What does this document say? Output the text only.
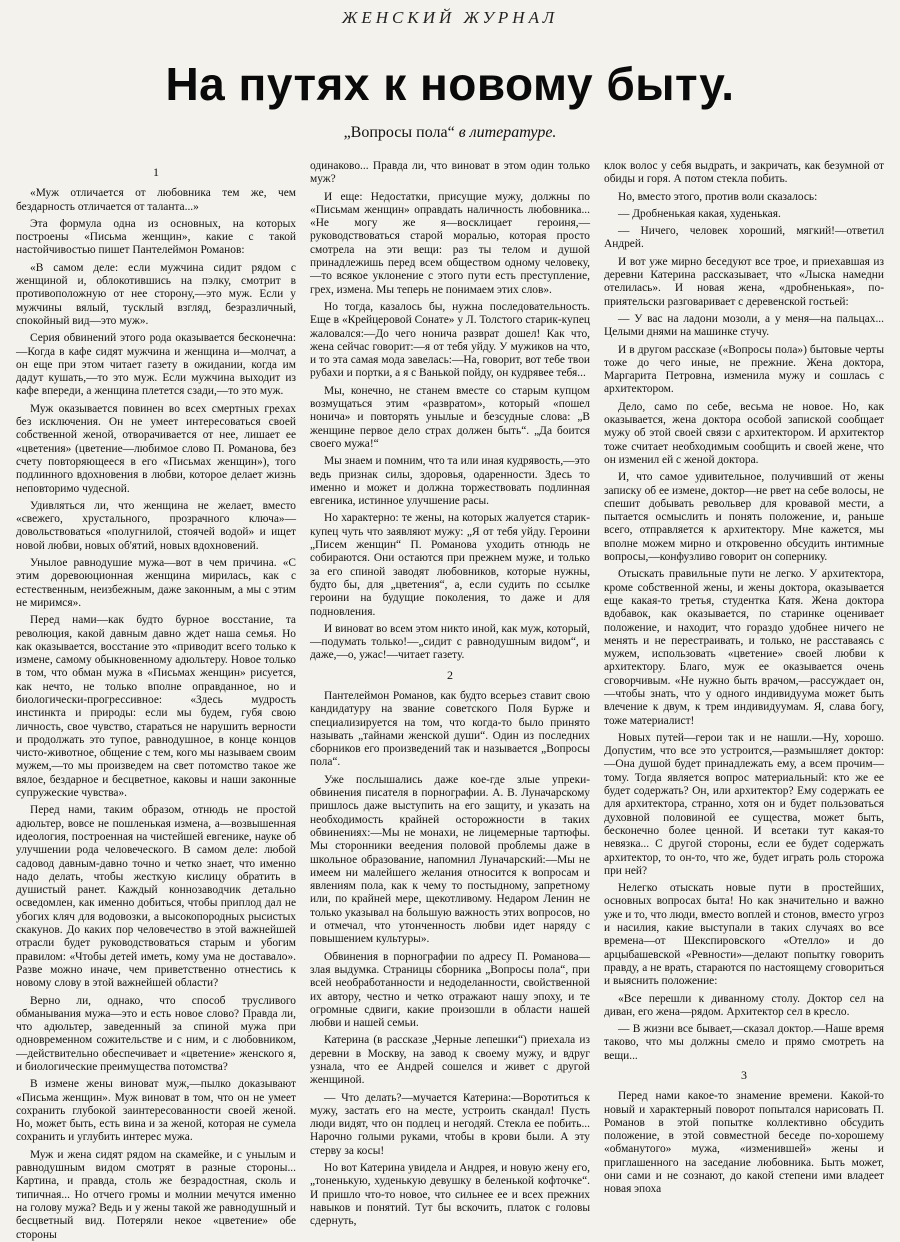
ЖЕНСКИЙ ЖУРНАЛ
На путях к новому быту.
„Вопросы пола“ в литературе.

1

«Муж отличается от любовника тем же, чем бездарность отличается от таланта...»

Эта формула одна из основных, на которых построены «Письма женщин», какие с такой настойчивостью пишет Пантелеймон Романов:

«В самом деле: если мужчина сидит рядом с женщиной и, облокотившись на пэлку, смотрит в противоположную от нее сторону,—это муж. Если у мужчины вялый, тусклый взгляд, безразличный, спокойный вид—это муж».

Серия обвинений этого рода оказывается бесконечна:—Когда в кафе сидят мужчина и женщина и—молчат, а он еще при этом читает газету в ожидании, когда им дадут кушать,—то это муж. Если мужчина выходит из кафе впереди, а женщина плетется сзади,—то это муж.

Муж оказывается повинен во всех смертных грехах без исключения. Он не умеет интересоваться своей собственной женой, отворачивается от нее, лишает ее «цветения» (цветение—любимое слово П. Романова, без счету повторяющееся в его «Письмах женщин»), того подлинного вдохновения в любви, которое делает жизнь неповторимо чудесной.

Удивляться ли, что женщина не желает, вместо «свежего, хрустального, прозрачного ключа»—довольствоваться «полугнилой, стоячей водой» и ищет новой любви, новых об'ятий, новых вдохновений.

Унылое равнодушие мужа—вот в чем причина. «С этим доревоюционная женщина мирилась, как с естественным, неизбежным, даже законным, а мы с этим не миримся».

Перед нами—как будто бурное восстание, та революция, какой давным давно ждет наша семья. Но как оказывается, восстание это «приводит всего только к измене, самому обыкновенному адюльтеру. Новое только в том, что обман мужа в «Письмах женщин» рисуется, как нечто, не только вполне оправданное, но и биологически-прогрессивное: «Здесь мудрость инстинкта и природы: если мы будем, губя свою личность, свое чувство, стараться не нарушить верности и продолжать это тупое, равнодушное, в конце концов чисто-животное, общение с тем, кого мы называем своим мужем,—то мы произведем на свет потомство такое же вялое, бездарное и бесцветное, каковы и наши законные супружеские чувства».

Перед нами, таким образом, отнюдь не простой адюльтер, вовсе не пошленькая измена, а—возвышенная идеология, построенная на чистейшей евгенике, науке об улучшении рода человеческого. В самом деле: любой садовод давным-давно точно и четко знает, что именно надо делать, чтобы жесткую кислицу обратить в душистый ранет. Каждый коннозаводчик детально осведомлен, как именно добиться, чтобы приплод дал не убогих кляч для водовозки, а высокопородных рысистых скакунов. До каких пор человечество в этой важнейшей отрасли будет руководствоваться старым и убогим правилом: «Чтобы детей иметь, кому ума не доставало». Разве можно иначе, чем приветственно отнестись к новому слову в этой важнейшей области?

Верно ли, однако, что способ трусливого обманывания мужа—это и есть новое слово? Правда ли, что адюльтер, заведенный за спиной мужа при одновременном сожительстве и с ним, и с любовником,—действительно обеспечивает и «цветение» женского я, и биологические преимущества потомства?

В измене жены виноват муж,—пылко доказывают «Письма женщин». Муж виноват в том, что он не умеет сохранить глубокой заинтересованности своей женой. Но, может быть, есть вина и за женой, которая не сумела сохранить и углубить интерес мужа.

Муж и жена сидят рядом на скамейке, и с унылым и равнодушным видом смотрят в разные стороны... Картина, и правда, столь же безрадостная, сколь и типичная... Но отчего громы и молнии мечутся именно на голову мужа? Ведь и у жены такой же равнодушный и бесцветный вид. Потеряли некое «цветение» обе стороны

одинаково... Правда ли, что виноват в этом один только муж?

И еще: Недостатки, присущие мужу, должны по «Письмам женщин» оправдать наличность любовника... «Не могу же я—восклицает героиня,—руководствоваться старой моралью, которая просто смотрела на эти вещи: раз ты телом и душой принадлежишь перед всем обществом одному человеку,—то всякое уклонение с этого пути есть преступление, грех, измена. Мы теперь не понимаем этих слов».

Но тогда, казалось бы, нужна последовательность. Еще в «Крейцеровой Сонате» у Л. Толстого старик-купец жаловался:—До чего нонича разврат дошел! Как что, жена сейчас говорит:—я от тебя уйду. У мужиков на что, и то эта самая мода завелась:—На, говорит, вот тебе твои рубахи и портки, а я с Ванькой пойду, он кудрявее тебя...

Мы, конечно, не станем вместе со старым купцом возмущаться этим «развратом», который «пошел нонича» и повторять унылые и безсудные слова: „В женщине первое дело страх должен быть“. „Да боится своего мужа!“

Мы знаем и помним, что та или иная кудрявость,—это ведь признак силы, здоровья, одаренности. Здесь то именно и может и должна торжествовать подлинная евгеника, истинное улучшение расы.

Но характерно: те жены, на которых жалуется старик-купец чуть что заявляют мужу: „Я от тебя уйду. Героини „Писем женщин“ П. Романова уходить отнюдь не собираются. Они остаются при прежнем муже, и только за его спиной заводят любовников, которые нужны, будто бы, для „цветения“, а, если судить по ссылке героини на будущие поколения, то даже и для подновления.

И виноват во всем этом никто иной, как муж, который,—подумать только!—„сидит с равнодушным видом“, и даже,—о, ужас!—читает газету.

2

Пантелеймон Романов, как будто всерьез ставит свою кандидатуру на звание советского Поля Бурже и специализируется на том, что когда-то было принято называть „тайнами женской души“. Один из последних сборников его произведений так и называется „Вопросы пола“.

Уже послышались даже кое-где злые упреки-обвинения писателя в порнографии. А. В. Луначарскому пришлось даже выступить на его защиту, и указать на необходимость крайней осторожности в таких обвинениях:—Мы не монахи, не лицемерные тартюфы. Мы сторонники веедения половой проблемы даже в школьное образование, напомнил Луначарский:—Мы не имеем ни малейшего желания относится к вопросам и явлениям пола, как к чему то постыдному, запретному или, по крайней мере, щекотливому. Недаром Ленин не только указывал на большую важность этих вопросов, но и отмечал, что утонченность любви идет наряду с повышением культуры».

Обвинения в порнографии по адресу П. Романова—злая выдумка. Страницы сборника „Вопросы пола“, при всей необработанности и недоделанности, свойственной их автору, честно и четко отражают нашу эпоху, и те огромные сдвиги, какие произошли в области нашей любви и нашей семьи.

Катерина (в рассказе „Черные лепешки“) приехала из деревни в Москву, на завод к своему мужу, и вдруг узнала, что ее Андрей сошелся и живет с другой женщиной.

— Что делать?—мучается Катерина:—Воротиться к мужу, застать его на месте, устроить скандал! Пусть люди видят, что он подлец и негодяй. Стекла ее побить... Нарочно голыми руками, чтобы в крови были. А эту стерву за косы!

Но вот Катерина увидела и Андрея, и новую жену его, „тоненькую, худенькую девушку в беленькой кофточке“. И пришло что-то новое, что сильнее ее и всех прежних навыков и понятий. Тут бы вскочить, платок с головы сдернуть,

клок волос у себя выдрать, и закричать, как безумной от обиды и горя. А потом стекла побить.

Но, вместо этого, против воли сказалось:

— Дробненькая какая, худенькая.

— Ничего, человек хороший, мягкий!—ответил Андрей.

И вот уже мирно беседуют все трое, и приехавшая из деревни Катерина рассказывает, что «Лыска намедни отелилась». И новая жена, «дробненькая», по-приятельски разговаривает с деревенской гостьей:

— У вас на ладони мозоли, а у меня—на пальцах... Целыми днями на машинке стучу.

И в другом рассказе («Вопросы пола») бытовые черты тоже до чего иные, не прежние. Жена доктора, Маргарита Петровна, изменила мужу и сошлась с архитектором.

Дело, само по себе, весьма не новое. Но, как оказывается, жена доктора особой запиской сообщает мужу об этой своей связи с архитектором. И архитектор тоже считает необходимым сообщить и своей жене, что он изменил ей с женой доктора.

И, что самое удивительное, получивший от жены записку об ее измене, доктор—не рвет на себе волосы, не спешит добывать револьвер для кровавой мести, а пытается осмыслить и понять положение, и, раньше всего, отправляется к архитектору. Мне кажется, мы вполне можем мирно и откровенно обсудить интимные вопросы,—конфузливо говорит он сопернику.

Отыскать правильные пути не легко. У архитектора, кроме собственной жены, и жены доктора, оказывается еще какая-то третья, студентка Катя. Жена доктора вдобавок, как оказывается, по старинке оценивает положение, и находит, что гораздо удобнее ничего не менять и не перестраивать, и только, не расставаясь с мужем, использовать «цветение» своей любви к архитектору. Благо, муж ее оказывается очень сговорчивым. «Не нужно быть врачом,—рассуждает он,—чтобы знать, что у одного индивидуума может быть влечение к двум, к трем индивидуумам. Я, слава богу, тоже материалист!

Новых путей—герои так и не нашли.—Ну, хорошо. Допустим, что все это устроится,—размышляет доктор:—Она душой будет принадлежать ему, а всем прочим—тому. Тогда является вопрос материальный: кто же ее будет содержать? Он, или архитектор? Ему содержать ее для архитектора, странно, хотя он и будет пользоваться духовной половиной ее существа, может быть, бесконечно более ценной. И всетаки тут какая-то невязка... С другой стороны, если ее будет содержать архитектор, то он-то, что же, будет играть роль сторожа при ней?

Нелегко отыскать новые пути в простейших, основных вопросах быта! Но как значительно и важно уже и то, что люди, вместо воплей и стонов, вместо угроз и насилия, какие выступали в таких случаях во все времена—от Шекспировского «Отелло» и до арцыбашевской «Ревности»—делают попытку говорить правду, а не врать, стараются по настоящему сговориться и выяснить положение:

«Все перешли к диванному столу. Доктор сел на диван, его жена—рядом. Архитектор сел в кресло.

— В жизни все бывает,—сказал доктор.—Наше время таково, что мы должны смело и прямо смотреть на вещи...

3

Перед нами какое-то знамение времени. Какой-то новый и характерный поворот попытался нарисовать П. Романов в этой попытке коллективно обсудить положение, в этой совместной беседе по-хорошему «обманутого» мужа, «изменившей» жены и приглашенного на заседание любовника. Быть может, они сами и не сознают, до какой степени ими владеет новая эпоха
